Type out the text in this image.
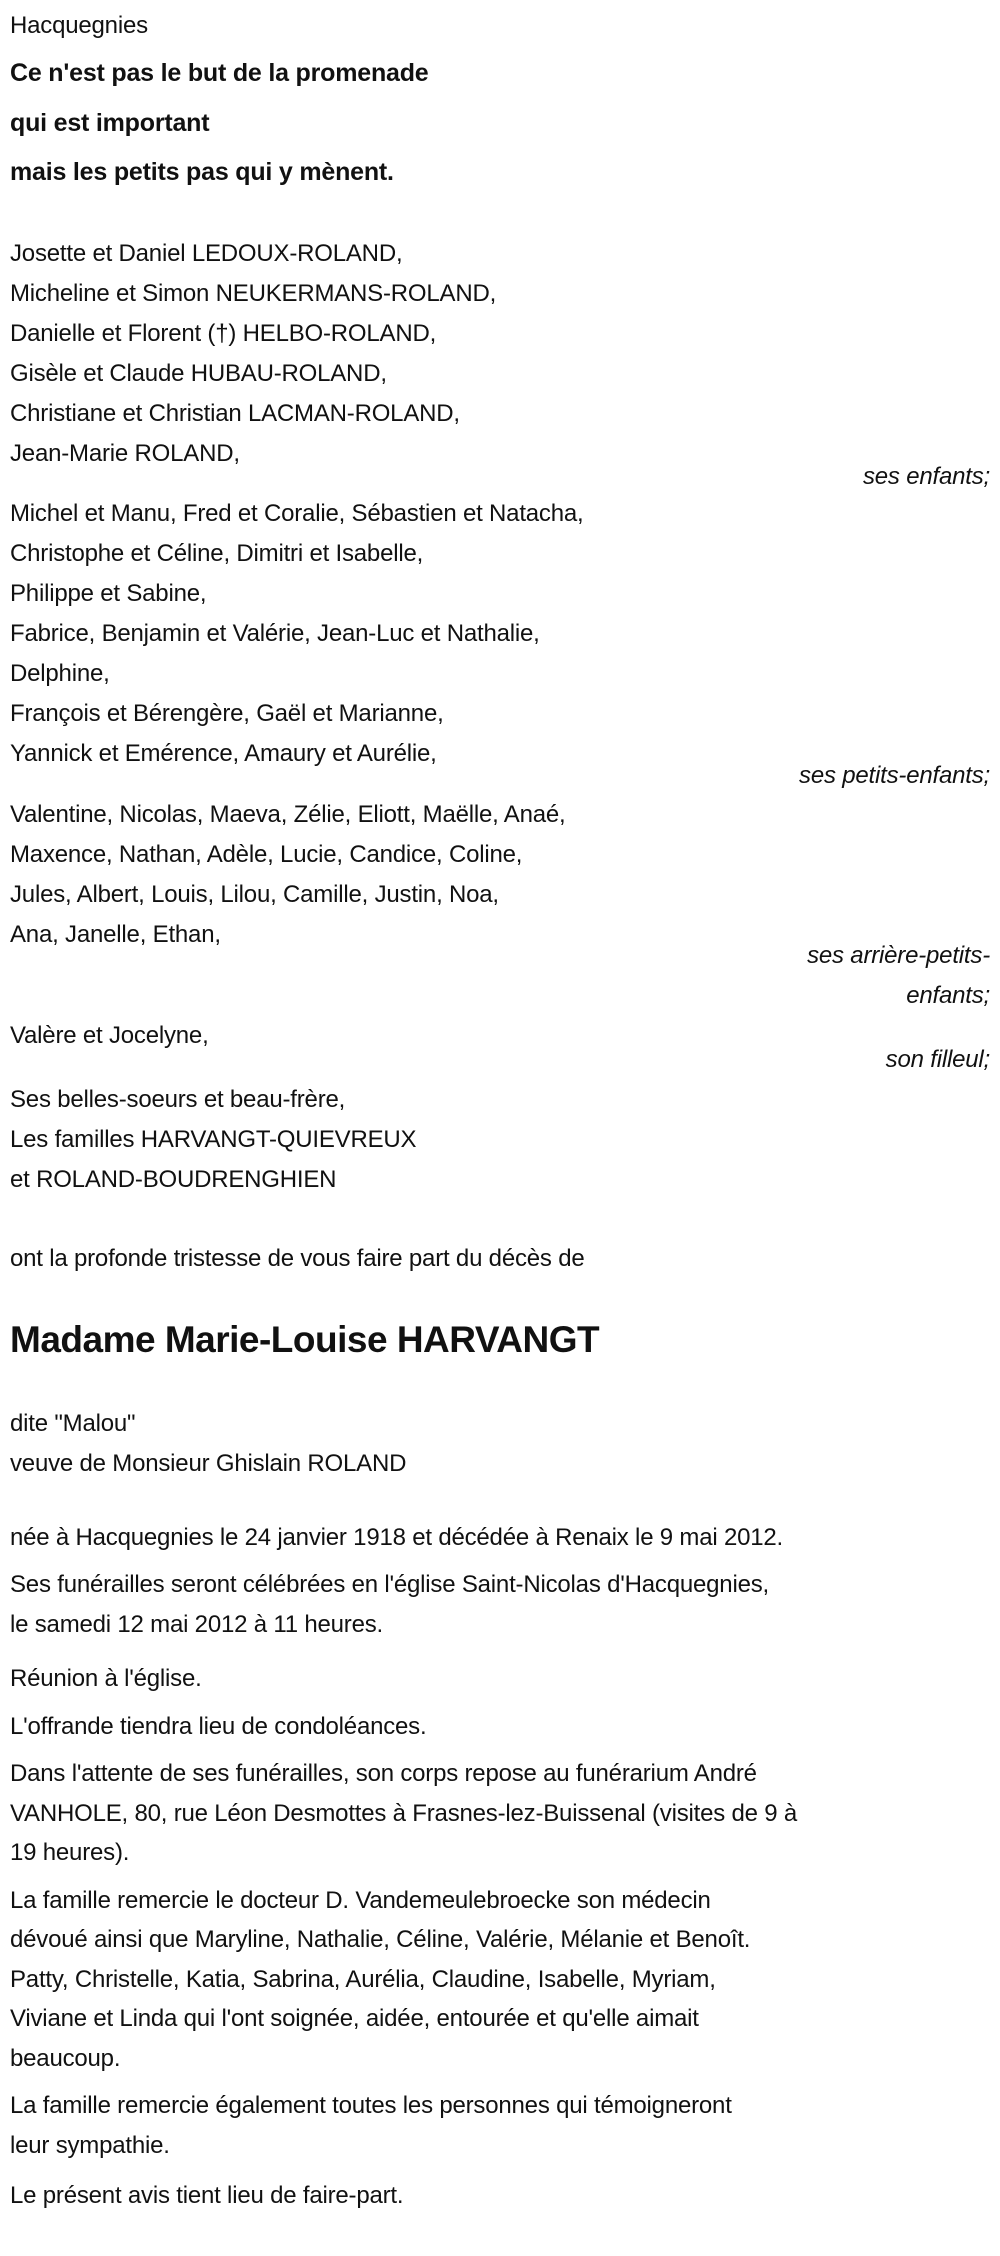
Hacquegnies
Ce n'est pas le but de la promenade
qui est important
mais les petits pas qui y mènent.
Josette et Daniel LEDOUX-ROLAND,
Micheline et Simon NEUKERMANS-ROLAND,
Danielle et Florent (†) HELBO-ROLAND,
Gisèle et Claude HUBAU-ROLAND,
Christiane et Christian LACMAN-ROLAND,
Jean-Marie ROLAND,
ses enfants;
Michel et Manu, Fred et Coralie, Sébastien et Natacha,
Christophe et Céline, Dimitri et Isabelle,
Philippe et Sabine,
Fabrice, Benjamin et Valérie, Jean-Luc et Nathalie,
Delphine,
François et Bérengère, Gaël et Marianne,
Yannick et Emérence, Amaury et Aurélie,
ses petits-enfants;
Valentine, Nicolas, Maeva, Zélie, Eliott, Maëlle, Anaé,
Maxence, Nathan, Adèle, Lucie, Candice, Coline,
Jules, Albert, Louis, Lilou, Camille, Justin, Noa,
Ana, Janelle, Ethan,
ses arrière-petits-
enfants;
Valère et Jocelyne,
son filleul;
Ses belles-soeurs et beau-frère,
Les familles HARVANGT-QUIEVREUX
et ROLAND-BOUDRENGHIEN
ont la profonde tristesse de vous faire part du décès de
Madame Marie-Louise HARVANGT
dite "Malou"
veuve de Monsieur Ghislain ROLAND
née à Hacquegnies le 24 janvier 1918 et décédée à Renaix le 9 mai 2012.
Ses funérailles seront célébrées en l'église Saint-Nicolas d'Hacquegnies,
le samedi 12 mai 2012 à 11 heures.
Réunion à l'église.
L'offrande tiendra lieu de condoléances.
Dans l'attente de ses funérailles, son corps repose au funérarium André
VANHOLE, 80, rue Léon Desmottes à Frasnes-lez-Buissenal (visites de 9 à
19 heures).
La famille remercie le docteur D. Vandemeulebroecke son médecin
dévoué ainsi que Maryline, Nathalie, Céline, Valérie, Mélanie et Benoît.
Patty, Christelle, Katia, Sabrina, Aurélia, Claudine, Isabelle, Myriam,
Viviane et Linda qui l'ont soignée, aidée, entourée et qu'elle aimait
beaucoup.
La famille remercie également toutes les personnes qui témoigneront
leur sympathie.
Le présent avis tient lieu de faire-part.
